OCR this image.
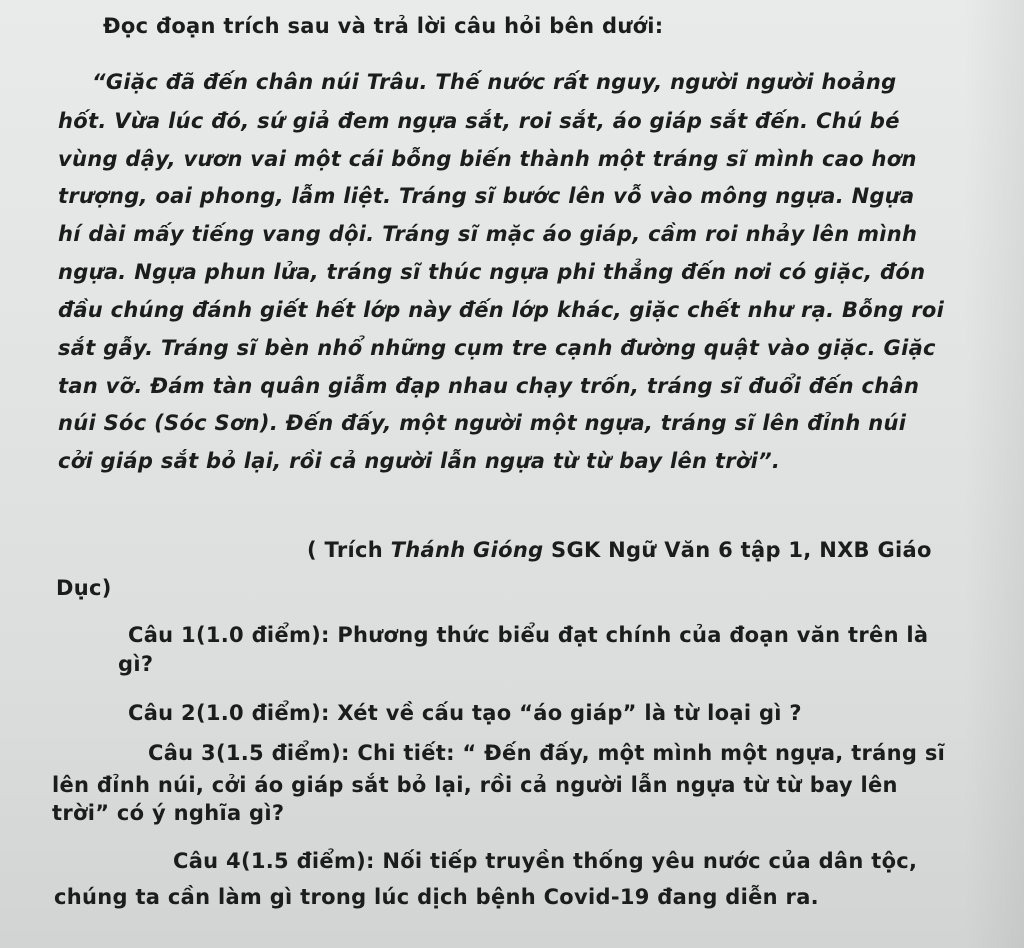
Đọc đoạn trích sau và trả lời câu hỏi bên dưới:
“Giặc đã đến chân núi Trâu. Thế nước rất nguy, người người hoảng
hốt. Vừa lúc đó, sứ giả đem ngựa sắt, roi sắt, áo giáp sắt đến. Chú bé
vùng dậy, vươn vai một cái bỗng biến thành một tráng sĩ mình cao hơn
trượng, oai phong, lẫm liệt. Tráng sĩ bước lên vỗ vào mông ngựa. Ngựa
hí dài mấy tiếng vang dội. Tráng sĩ mặc áo giáp, cầm roi nhảy lên mình
ngựa. Ngựa phun lửa, tráng sĩ thúc ngựa phi thẳng đến nơi có giặc, đón
đầu chúng đánh giết hết lớp này đến lớp khác, giặc chết như rạ. Bỗng roi
sắt gẫy. Tráng sĩ bèn nhổ những cụm tre cạnh đường quật vào giặc. Giặc
tan vỡ. Đám tàn quân giẫm đạp nhau chạy trốn, tráng sĩ đuổi đến chân
núi Sóc (Sóc Sơn). Đến đấy, một người một ngựa, tráng sĩ lên đỉnh núi
cởi giáp sắt bỏ lại, rồi cả người lẫn ngựa từ từ bay lên trời”.
( Trích Thánh Gióng SGK Ngữ Văn 6 tập 1, NXB Giáo
Dục)
Câu 1(1.0 điểm): Phương thức biểu đạt chính của đoạn văn trên là
gì?
Câu 2(1.0 điểm): Xét về cấu tạo “áo giáp” là từ loại gì ?
Câu 3(1.5 điểm): Chi tiết: “ Đến đấy, một mình một ngựa, tráng sĩ
lên đỉnh núi, cởi áo giáp sắt bỏ lại, rồi cả người lẫn ngựa từ từ bay lên
trời” có ý nghĩa gì?
Câu 4(1.5 điểm): Nối tiếp truyền thống yêu nước của dân tộc,
chúng ta cần làm gì trong lúc dịch bệnh Covid-19 đang diễn ra.
